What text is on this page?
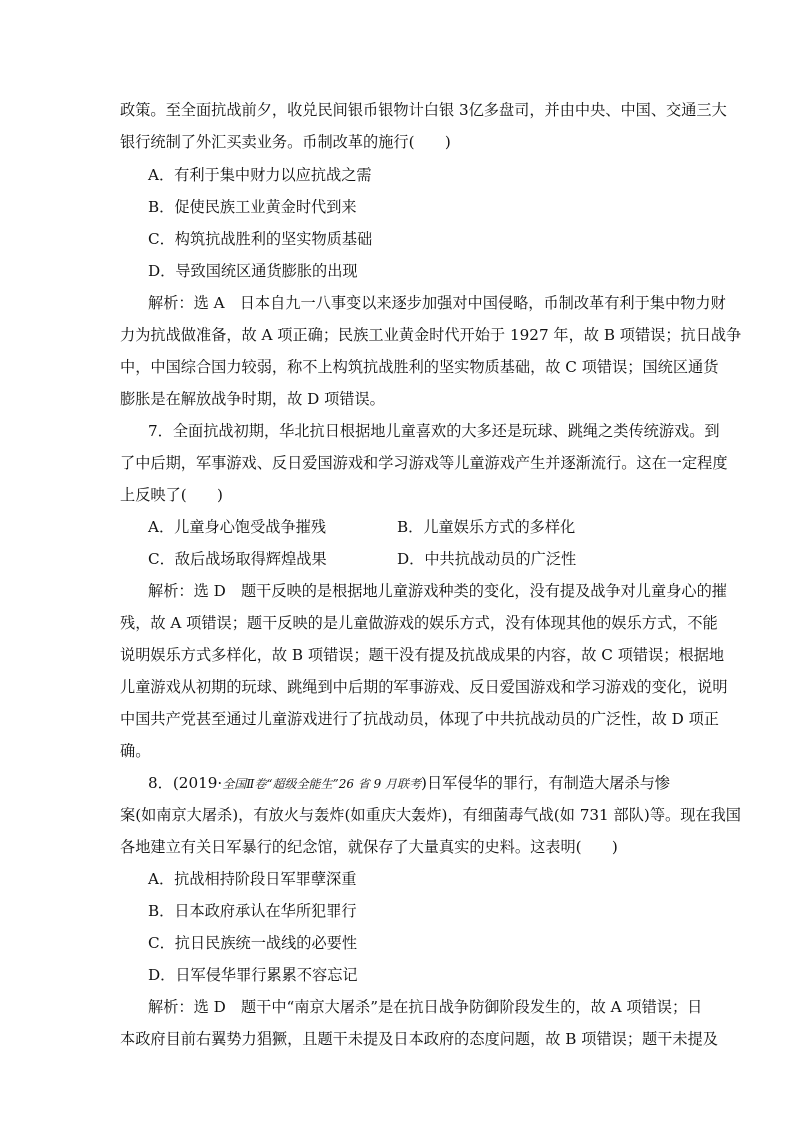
政策。至全面抗战前夕，收兑民间银币银物计白银 3亿多盘司，并由中央、中国、交通三大
银行统制了外汇买卖业务。币制改革的施行(　　)
A．有利于集中财力以应抗战之需
B．促使民族工业黄金时代到来
C．构筑抗战胜利的坚实物质基础
D．导致国统区通货膨胀的出现
解析：选 A　日本自九一八事变以来逐步加强对中国侵略，币制改革有利于集中物力财
力为抗战做准备，故 A 项正确；民族工业黄金时代开始于 1927 年，故 B 项错误；抗日战争
中，中国综合国力较弱，称不上构筑抗战胜利的坚实物质基础，故 C 项错误；国统区通货
膨胀是在解放战争时期，故 D 项错误。
7．全面抗战初期，华北抗日根据地儿童喜欢的大多还是玩球、跳绳之类传统游戏。到
了中后期，军事游戏、反日爱国游戏和学习游戏等儿童游戏产生并逐渐流行。这在一定程度
上反映了(　　)
A．儿童身心饱受战争摧残	B．儿童娱乐方式的多样化
C．敌后战场取得辉煌战果	D．中共抗战动员的广泛性
解析：选 D　题干反映的是根据地儿童游戏种类的变化，没有提及战争对儿童身心的摧
残，故 A 项错误；题干反映的是儿童做游戏的娱乐方式，没有体现其他的娱乐方式，不能
说明娱乐方式多样化，故 B 项错误；题干没有提及抗战成果的内容，故 C 项错误；根据地
儿童游戏从初期的玩球、跳绳到中后期的军事游戏、反日爱国游戏和学习游戏的变化，说明
中国共产党甚至通过儿童游戏进行了抗战动员，体现了中共抗战动员的广泛性，故 D 项正
确。
8．(2019·全国Ⅱ卷“超级全能生”26 省 9 月联考)日军侵华的罪行，有制造大屠杀与惨
案(如南京大屠杀)，有放火与轰炸(如重庆大轰炸)，有细菌毒气战(如 731 部队)等。现在我国
各地建立有关日军暴行的纪念馆，就保存了大量真实的史料。这表明(　　)
A．抗战相持阶段日军罪孽深重
B．日本政府承认在华所犯罪行
C．抗日民族统一战线的必要性
D．日军侵华罪行累累不容忘记
解析：选 D　题干中“南京大屠杀”是在抗日战争防御阶段发生的，故 A 项错误；日
本政府目前右翼势力猖獗，且题干未提及日本政府的态度问题，故 B 项错误；题干未提及
